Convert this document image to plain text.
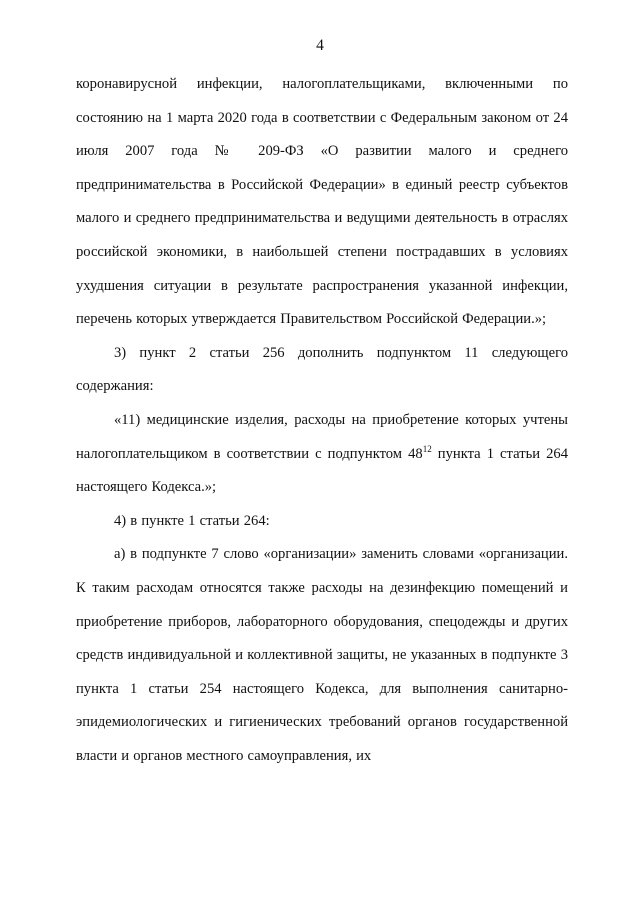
4

коронавирусной инфекции, налогоплательщиками, включенными по состоянию на 1 марта 2020 года в соответствии с Федеральным законом от 24 июля 2007 года № 209-ФЗ «О развитии малого и среднего предпринимательства в Российской Федерации» в единый реестр субъектов малого и среднего предпринимательства и ведущими деятельность в отраслях российской экономики, в наибольшей степени пострадавших в условиях ухудшения ситуации в результате распространения указанной инфекции, перечень которых утверждается Правительством Российской Федерации.»;

3) пункт 2 статьи 256 дополнить подпунктом 11 следующего содержания:

«11) медицинские изделия, расходы на приобретение которых учтены налогоплательщиком в соответствии с подпунктом $48^{12}$ пункта 1 статьи 264 настоящего Кодекса.»;

4) в пункте 1 статьи 264:

а) в подпункте 7 слово «организации» заменить словами «организации. К таким расходам относятся также расходы на дезинфекцию помещений и приобретение приборов, лабораторного оборудования, спецодежды и других средств индивидуальной и коллективной защиты, не указанных в подпункте 3 пункта 1 статьи 254 настоящего Кодекса, для выполнения санитарно-эпидемиологических и гигиенических требований органов государственной власти и органов местного самоуправления, их
